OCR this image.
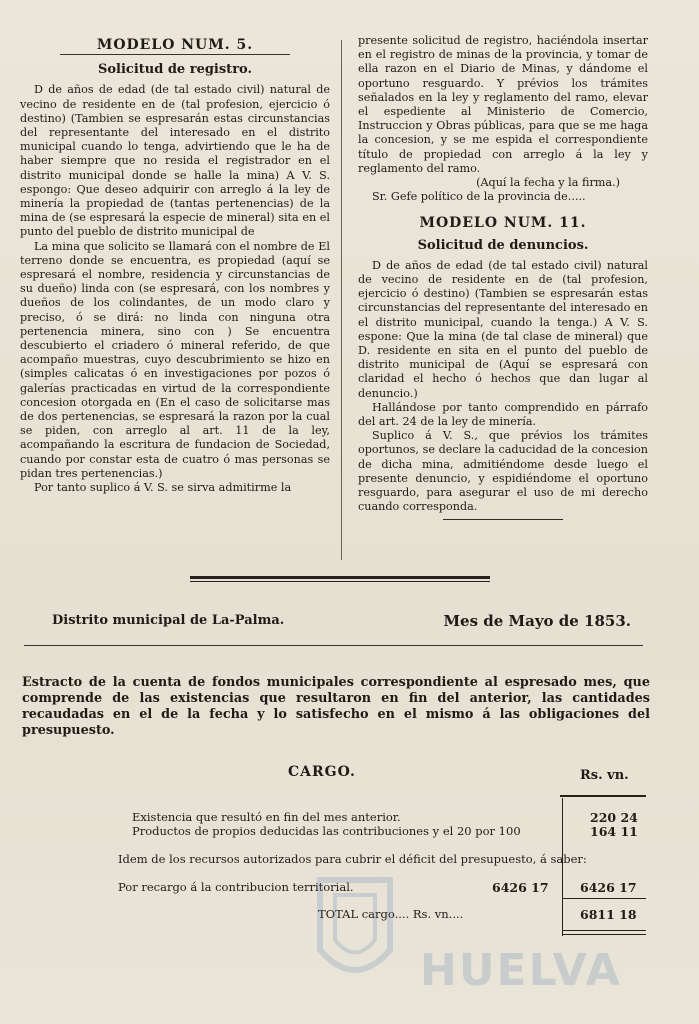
MODELO NUM. 5.
Solicitud de registro.

D de años de edad (de tal estado civil) natural de vecino de residente en de (tal profesion, ejercicio ó destino) (Tambien se espresarán estas circunstancias del representante del interesado en el distrito municipal cuando lo tenga, advirtiendo que le ha de haber siempre que no resida el registrador en el distrito municipal donde se halle la mina) A V. S. espongo: Que deseo adquirir con arreglo á la ley de minería la propiedad de (tantas pertenencias) de la mina de (se espresará la especie de mineral) sita en el punto del pueblo de distrito municipal de

La mina que solicito se llamará con el nombre de El terreno donde se encuentra, es propiedad (aquí se espresará el nombre, residencia y circunstancias de su dueño) linda con (se espresará, con los nombres y dueños de los colindantes, de un modo claro y preciso, ó se dirá: no linda con ninguna otra pertenencia minera, sino con ) Se encuentra descubierto el criadero ó mineral referido, de que acompaño muestras, cuyo descubrimiento se hizo en (simples calicatas ó en investigaciones por pozos ó galerías practicadas en virtud de la correspondiente concesion otorgada en (En el caso de solicitarse mas de dos pertenencias, se espresará la razon por la cual se piden, con arreglo al art. 11 de la ley, acompañando la escritura de fundacion de Sociedad, cuando por constar esta de cuatro ó mas personas se pidan tres pertenencias.)

Por tanto suplico á V. S. se sirva admitirme la

presente solicitud de registro, haciéndola insertar en el registro de minas de la provincia, y tomar de ella razon en el Diario de Minas, y dándome el oportuno resguardo. Y prévios los trámites señalados en la ley y reglamento del ramo, elevar el espediente al Ministerio de Comercio, Instruccion y Obras públicas, para que se me haga la concesion, y se me espida el correspondiente título de propiedad con arreglo á la ley y reglamento del ramo.

(Aquí la fecha y la firma.)

Sr. Gefe político de la provincia de.....

MODELO NUM. 11.
Solicitud de denuncios.

D de años de edad (de tal estado civil) natural de vecino de residente en de (tal profesion, ejercicio ó destino) (Tambien se espresarán estas circunstancias del representante del interesado en el distrito municipal, cuando la tenga.) A V. S. espone: Que la mina (de tal clase de mineral) que D. residente en sita en el punto del pueblo de distrito municipal de (Aquí se espresará con claridad el hecho ó hechos que dan lugar al denuncio.)

Hallándose por tanto comprendido en párrafo del art. 24 de la ley de minería.

Suplico á V. S., que prévios los trámites oportunos, se declare la caducidad de la concesion de dicha mina, admitiéndome desde luego el presente denuncio, y espidiéndome el oportuno resguardo, para asegurar el uso de mi derecho cuando corresponda.

Distrito municipal de La-Palma.	Mes de Mayo de 1853.
Estracto de la cuenta de fondos municipales correspondiente al espresado mes, que comprende de las existencias que resultaron en fin del anterior, las cantidades recaudadas en el de la fecha y lo satisfecho en el mismo á las obligaciones del presupuesto.
CARGO.	Rs. vn.
Existencia que resultó en fin del mes anterior.	220 24
Productos de propios deducidas las contribuciones y el 20 por 100	164 11
Idem de los recursos autorizados para cubrir el déficit del presupuesto, á saber:
Por recargo á la contribucion territorial.	6426 17	6426 17
TOTAL cargo.... Rs. vn....	6811 18
HUELVA
